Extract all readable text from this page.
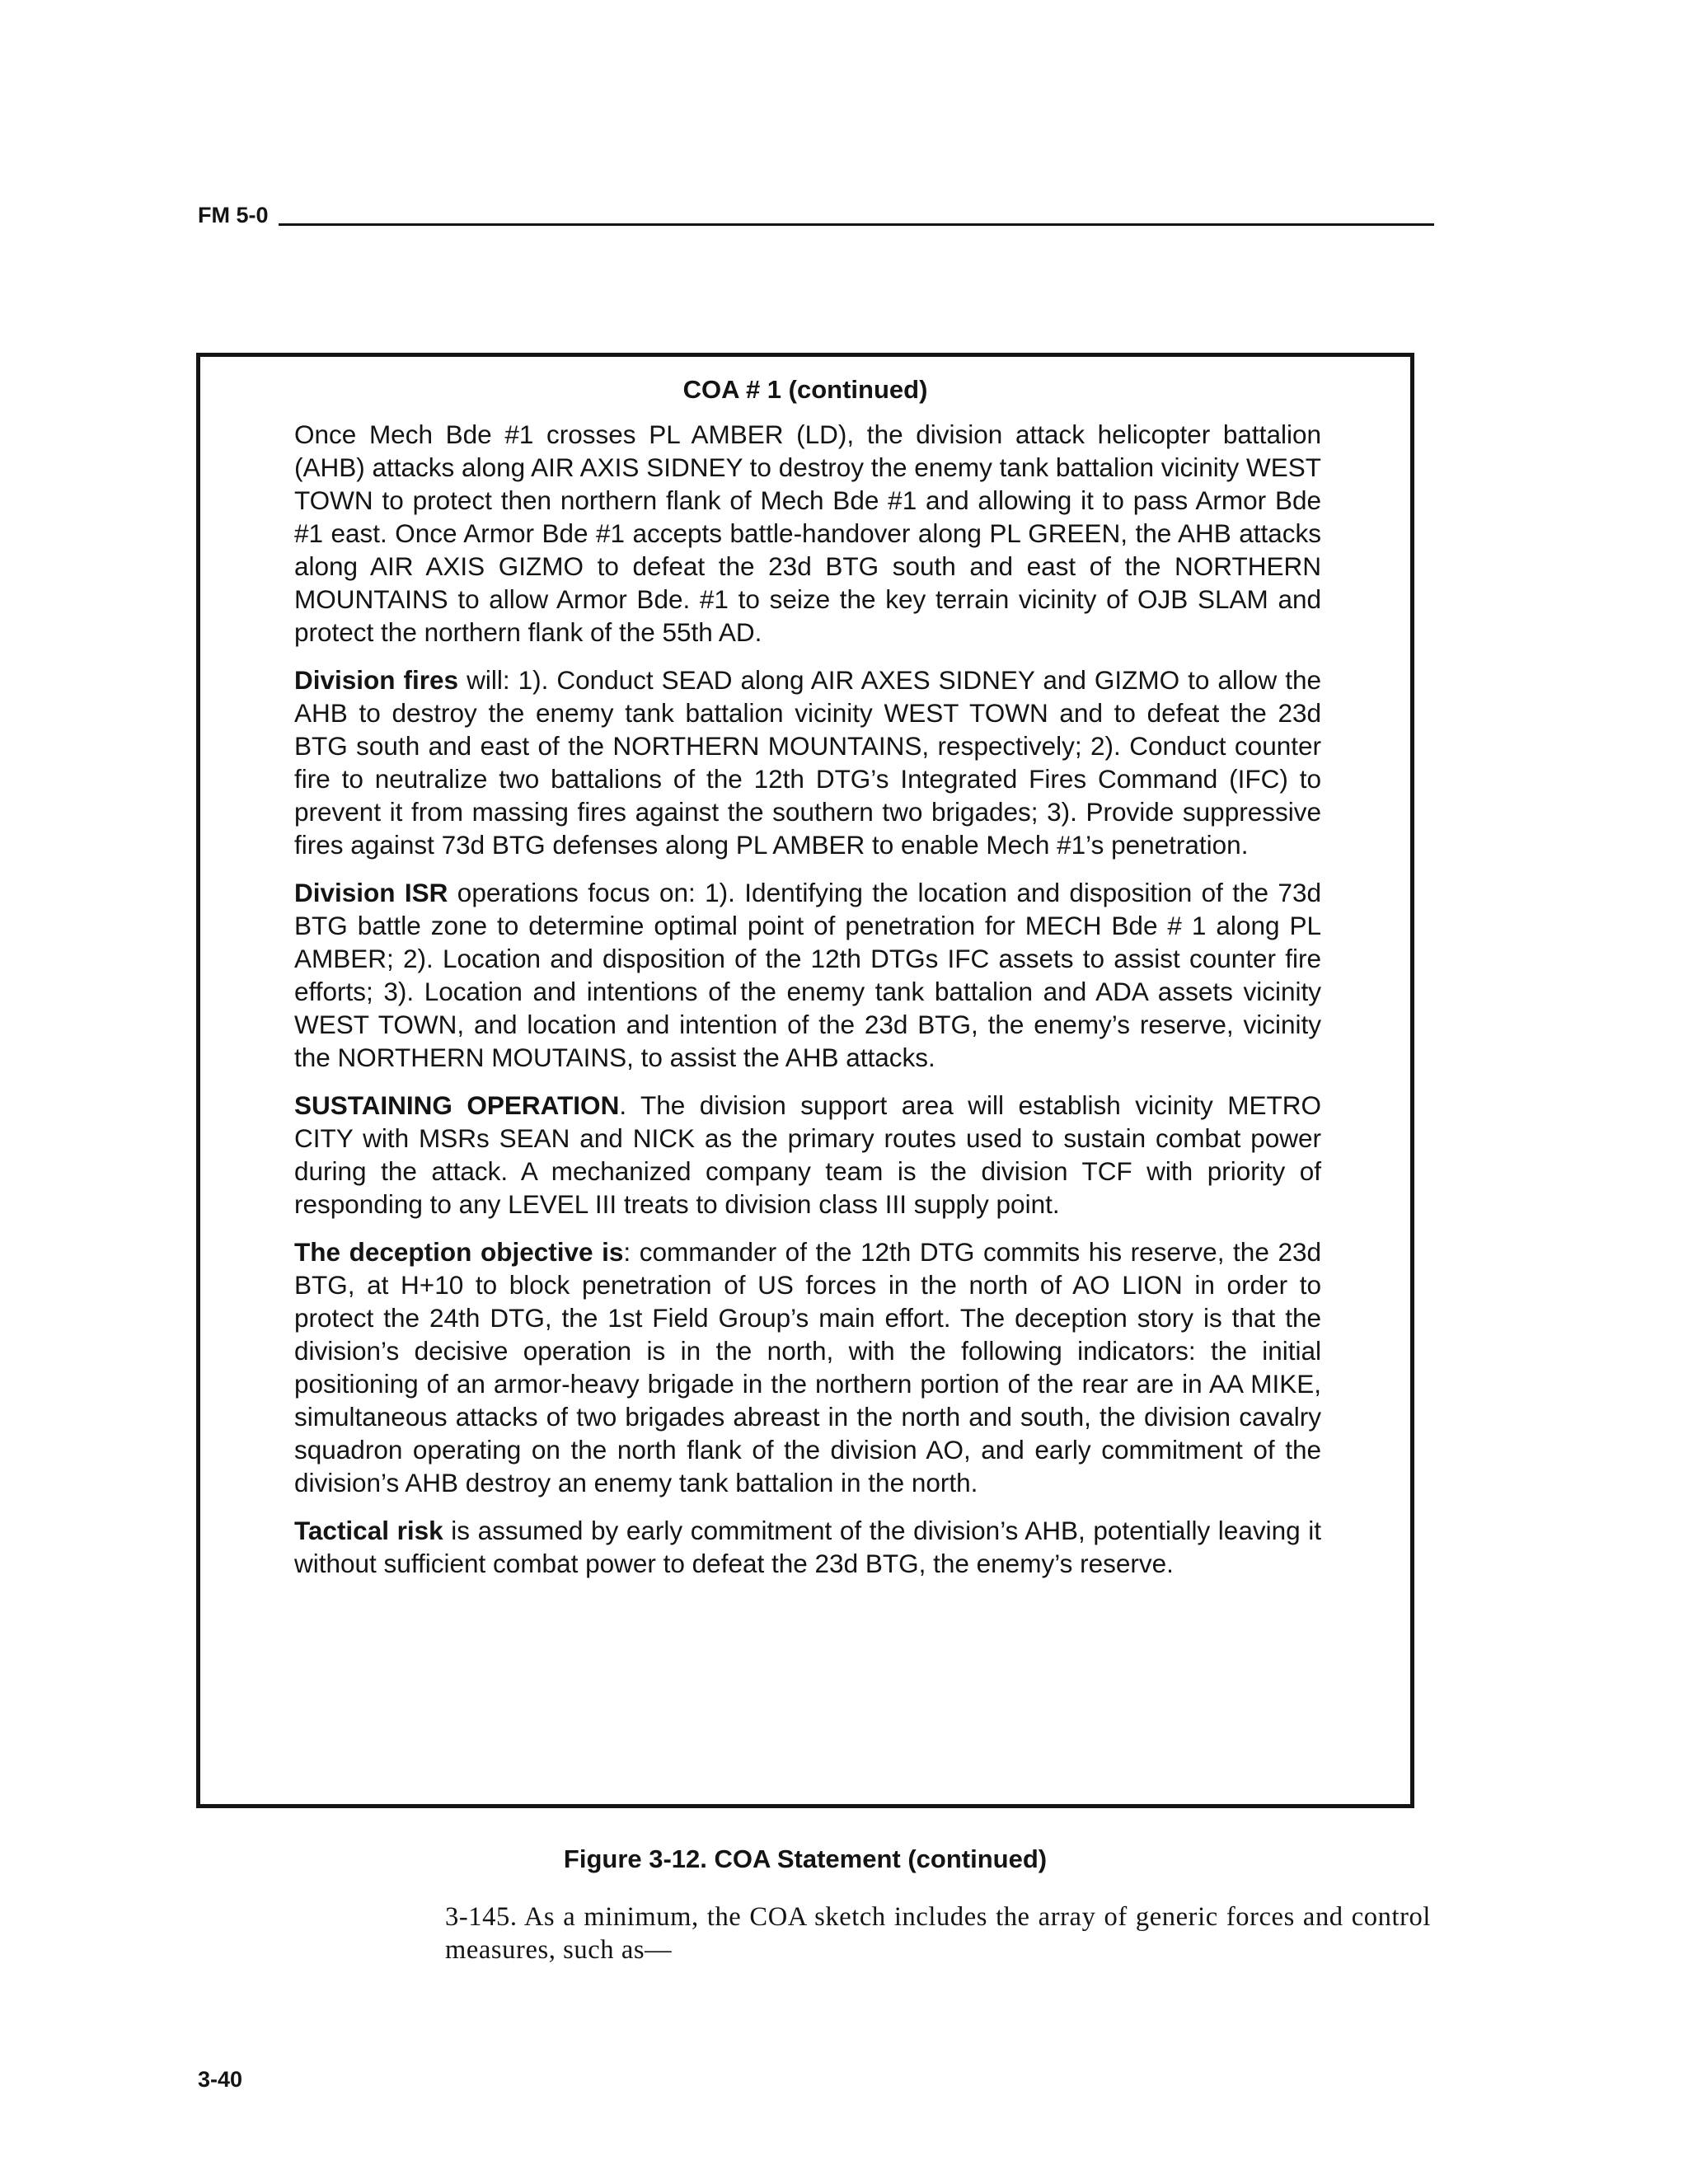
FM 5-0

COA # 1 (continued)

Once Mech Bde #1 crosses PL AMBER (LD), the division attack helicopter battalion (AHB) attacks along AIR AXIS SIDNEY to destroy the enemy tank battalion vicinity WEST TOWN to protect then northern flank of Mech Bde #1 and allowing it to pass Armor Bde #1 east. Once Armor Bde #1 accepts battle-handover along PL GREEN, the AHB attacks along AIR AXIS GIZMO to defeat the 23d BTG south and east of the NORTHERN MOUNTAINS to allow Armor Bde. #1 to seize the key terrain vicinity of OJB SLAM and protect the northern flank of the 55th AD.

Division fires will: 1). Conduct SEAD along AIR AXES SIDNEY and GIZMO to allow the AHB to destroy the enemy tank battalion vicinity WEST TOWN and to defeat the 23d BTG south and east of the NORTHERN MOUNTAINS, respectively; 2). Conduct counter fire to neutralize two battalions of the 12th DTG’s Integrated Fires Command (IFC) to prevent it from massing fires against the southern two brigades; 3). Provide suppressive fires against 73d BTG defenses along PL AMBER to enable Mech #1’s penetration.

Division ISR operations focus on: 1). Identifying the location and disposition of the 73d BTG battle zone to determine optimal point of penetration for MECH Bde # 1 along PL AMBER; 2). Location and disposition of the 12th DTGs IFC assets to assist counter fire efforts; 3). Location and intentions of the enemy tank battalion and ADA assets vicinity WEST TOWN, and location and intention of the 23d BTG, the enemy’s reserve, vicinity the NORTHERN MOUTAINS, to assist the AHB attacks.

SUSTAINING OPERATION. The division support area will establish vicinity METRO CITY with MSRs SEAN and NICK as the primary routes used to sustain combat power during the attack. A mechanized company team is the division TCF with priority of responding to any LEVEL III treats to division class III supply point.

The deception objective is: commander of the 12th DTG commits his reserve, the 23d BTG, at H+10 to block penetration of US forces in the north of AO LION in order to protect the 24th DTG, the 1st Field Group’s main effort. The deception story is that the division’s decisive operation is in the north, with the following indicators: the initial positioning of an armor-heavy brigade in the northern portion of the rear are in AA MIKE, simultaneous attacks of two brigades abreast in the north and south, the division cavalry squadron operating on the north flank of the division AO, and early commitment of the division’s AHB destroy an enemy tank battalion in the north.

Tactical risk is assumed by early commitment of the division’s AHB, potentially leaving it without sufficient combat power to defeat the 23d BTG, the enemy’s reserve.

Figure 3-12. COA Statement (continued)

3-145. As a minimum, the COA sketch includes the array of generic forces and control measures, such as—

3-40
